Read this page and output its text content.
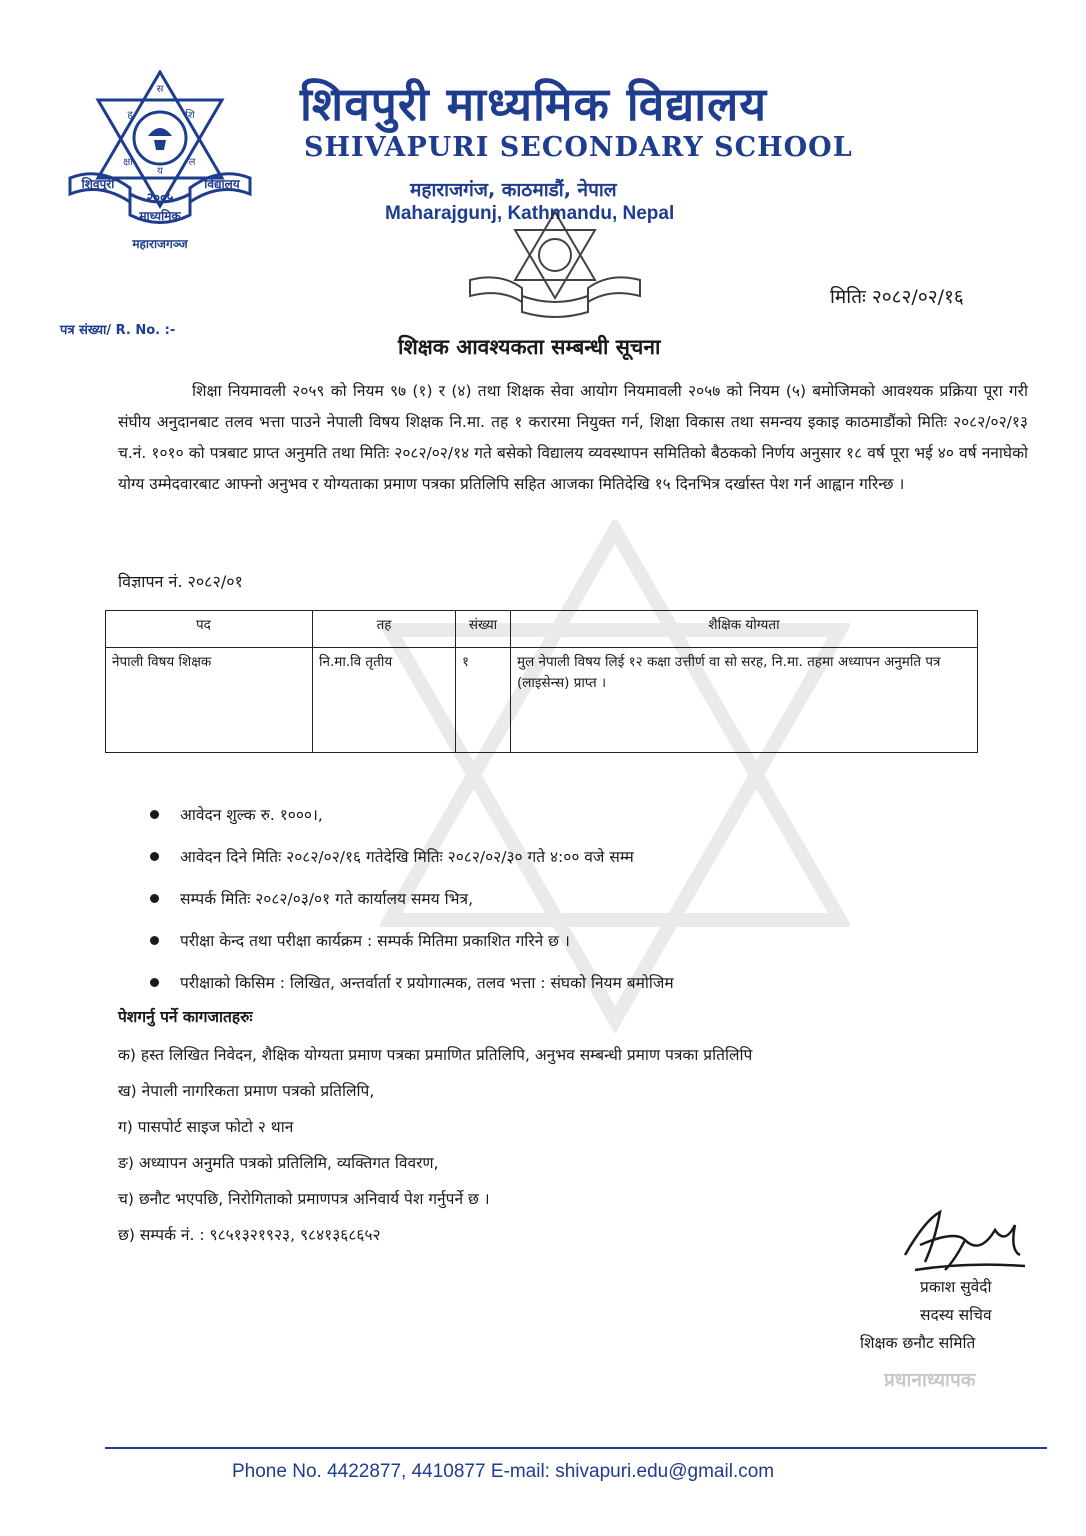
स
ह	शि
क्षा	ल
य
२००५
शिवपुरी	विद्यालय
माध्यमिक
महाराजगञ्ज
शिवपुरी माध्यमिक विद्यालय
SHIVAPURI SECONDARY SCHOOL
महाराजगंज, काठमाडौं, नेपाल
Maharajgunj, Kathmandu, Nepal
मितिः २०८२/०२/१६
पत्र संख्या/ R. No. :-
शिक्षक आवश्यकता सम्बन्धी सूचना
शिक्षा नियमावली २०५९ को नियम ९७ (१) र (४) तथा शिक्षक सेवा आयोग नियमावली २०५७ को नियम (५) बमोजिमको आवश्यक प्रक्रिया पूरा गरी संघीय अनुदानबाट तलव भत्ता पाउने नेपाली विषय शिक्षक नि.मा. तह १ करारमा नियुक्त गर्न, शिक्षा विकास तथा समन्वय इकाइ काठमाडौंको मितिः २०८२/०२/१३ च.नं. १०१० को पत्रबाट प्राप्त अनुमति तथा मितिः २०८२/०२/१४ गते बसेको विद्यालय व्यवस्थापन समितिको बैठकको निर्णय अनुसार १८ वर्ष पूरा भई ४० वर्ष ननाघेको योग्य उम्मेदवारबाट आफ्नो अनुभव र योग्यताका प्रमाण पत्रका प्रतिलिपि सहित आजका मितिदेखि १५ दिनभित्र दर्खास्त पेश गर्न आह्वान गरिन्छ ।
विज्ञापन नं. २०८२/०१
पद	तह	संख्या	शैक्षिक योग्यता
नेपाली विषय शिक्षक	नि.मा.वि तृतीय	१	मुल नेपाली विषय लिई १२ कक्षा उत्तीर्ण वा सो सरह, नि.मा. तहमा अध्यापन अनुमति पत्र (लाइसेन्स) प्राप्त ।
आवेदन शुल्क रु. १०००।,
आवेदन दिने मितिः २०८२/०२/१६ गतेदेखि मितिः २०८२/०२/३० गते ४:०० वजे सम्म
सम्पर्क मितिः २०८२/०३/०१ गते कार्यालय समय भित्र,
परीक्षा केन्द तथा परीक्षा कार्यक्रम : सम्पर्क मितिमा प्रकाशित गरिने छ ।
परीक्षाको किसिम : लिखित, अन्तर्वार्ता र प्रयोगात्मक, तलव भत्ता : संघको नियम बमोजिम
पेशगर्नु पर्ने कागजातहरुः
क) हस्त लिखित निवेदन, शैक्षिक योग्यता प्रमाण पत्रका प्रमाणित प्रतिलिपि, अनुभव सम्बन्धी प्रमाण पत्रका प्रतिलिपि
ख) नेपाली नागरिकता प्रमाण पत्रको प्रतिलिपि,
ग) पासपोर्ट साइज फोटो २ थान
ङ) अध्यापन अनुमति पत्रको प्रतिलिमि, व्यक्तिगत विवरण,
च) छनौट भएपछि, निरोगिताको प्रमाणपत्र अनिवार्य पेश गर्नुपर्ने छ ।
छ) सम्पर्क नं. : ९८५१३२१९२३, ९८४१३६८६५२
प्रकाश सुवेदी
सदस्य सचिव
शिक्षक छनौट समिति
प्रधानाध्यापक
Phone No. 4422877, 4410877 E-mail: shivapuri.edu@gmail.com
